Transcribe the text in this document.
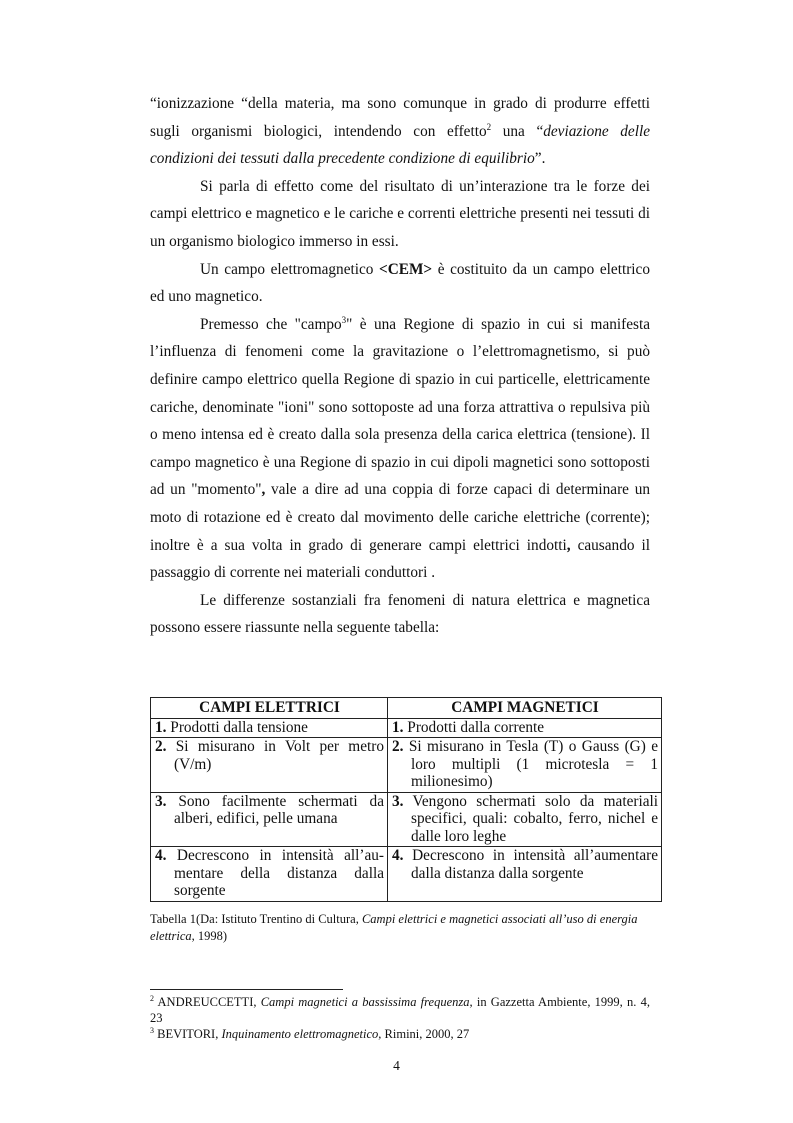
“ionizzazione “della materia, ma sono comunque in grado di produrre effetti sugli organismi biologici, intendendo con effetto$^2$ una “deviazione delle condizioni dei tessuti dalla precedente condizione di equilibrio”.

Si parla di effetto come del risultato di un’interazione tra le forze dei campi elettrico e magnetico e le cariche e correnti elettriche presenti nei tessuti di un organismo biologico immerso in essi.

Un campo elettromagnetico <CEM> è costituito da un campo elettrico ed uno magnetico.

Premesso che "campo$^3$" è una Regione di spazio in cui si manifesta l’influenza di fenomeni come la gravitazione o l’elettromagnetismo, si può definire campo elettrico quella Regione di spazio in cui particelle, elettricamente cariche, denominate "ioni" sono sottoposte ad una forza attrattiva o repulsiva più o meno intensa ed è creato dalla sola presenza della carica elettrica (tensione). Il campo magnetico è una Regione di spazio in cui dipoli magnetici sono sottoposti ad un "momento", vale a dire ad una coppia di forze capaci di determinare un moto di rotazione ed è creato dal movimento delle cariche elettriche (corrente); inoltre è a sua volta in grado di generare campi elettrici indotti, causando il passaggio di corrente nei materiali conduttori .

Le differenze sostanziali fra fenomeni di natura elettrica e magnetica possono essere riassunte nella seguente tabella:

CAMPI ELETTRICI	CAMPI MAGNETICI

1. Prodotti dalla tensione	1. Prodotti dalla corrente

2. Si misurano in Volt per metro (V/m)	2. Si misurano in Tesla (T) o Gauss (G) e loro multipli (1 microtesla = 1 milionesimo)

3. Sono facilmente schermati da alberi, edifici, pelle umana	3. Vengono schermati solo da materiali specifici, quali: cobalto, ferro, nichel e dalle loro leghe

4. Decrescono in intensità all’au- mentare della distanza dalla sorgente	4. Decrescono in intensità all’aumentare dalla distanza dalla sorgente
Tabella 1(Da: Istituto Trentino di Cultura, Campi elettrici e magnetici associati all’uso di energia elettrica, 1998)

$^2$ ANDREUCCETTI, Campi magnetici a bassissima frequenza, in Gazzetta Ambiente, 1999, n. 4, 23

$^3$ BEVITORI, Inquinamento elettromagnetico, Rimini, 2000, 27

4
